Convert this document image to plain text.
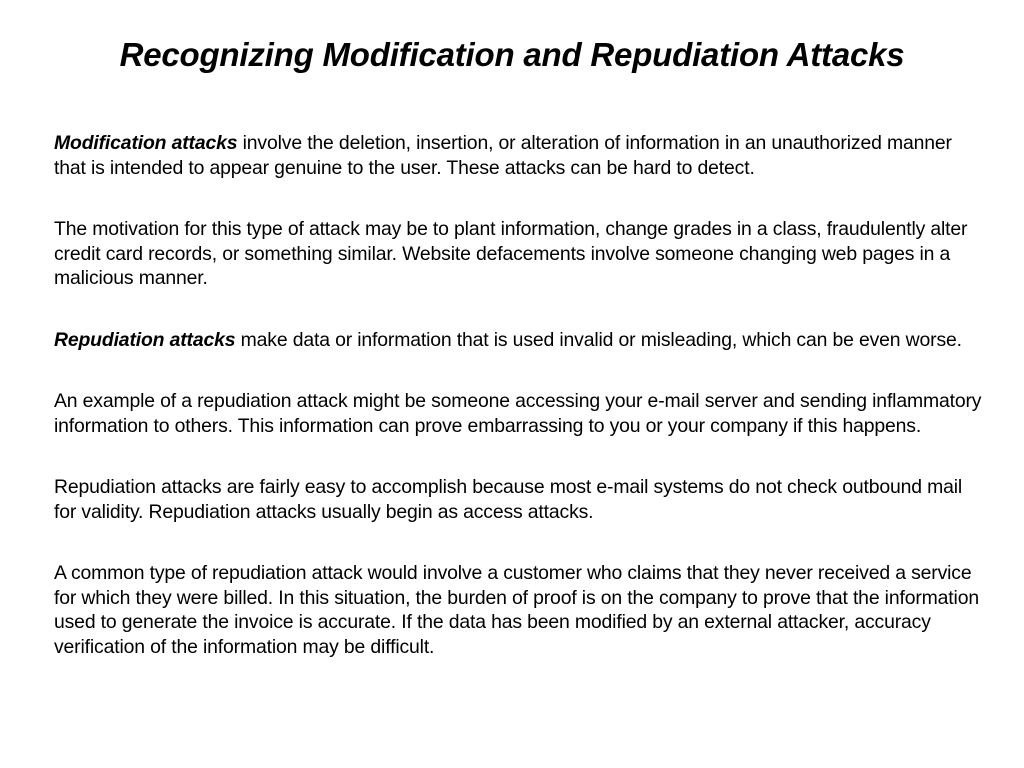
Recognizing Modification and Repudiation Attacks

Modification attacks involve the deletion, insertion, or alteration of information in an unauthorized manner that is intended to appear genuine to the user. These attacks can be hard to detect.

The motivation for this type of attack may be to plant information, change grades in a class, fraudulently alter credit card records, or something similar. Website defacements involve someone changing web pages in a malicious manner.

Repudiation attacks make data or information that is used invalid or misleading, which can be even worse.

An example of a repudiation attack might be someone accessing your e-mail server and sending inflammatory information to others. This information can prove embarrassing to you or your company if this happens.

Repudiation attacks are fairly easy to accomplish because most e-mail systems do not check outbound mail for validity. Repudiation attacks usually begin as access attacks.

A common type of repudiation attack would involve a customer who claims that they never received a service for which they were billed. In this situation, the burden of proof is on the company to prove that the information used to generate the invoice is accurate. If the data has been modified by an external attacker, accuracy verification of the information may be difficult.
